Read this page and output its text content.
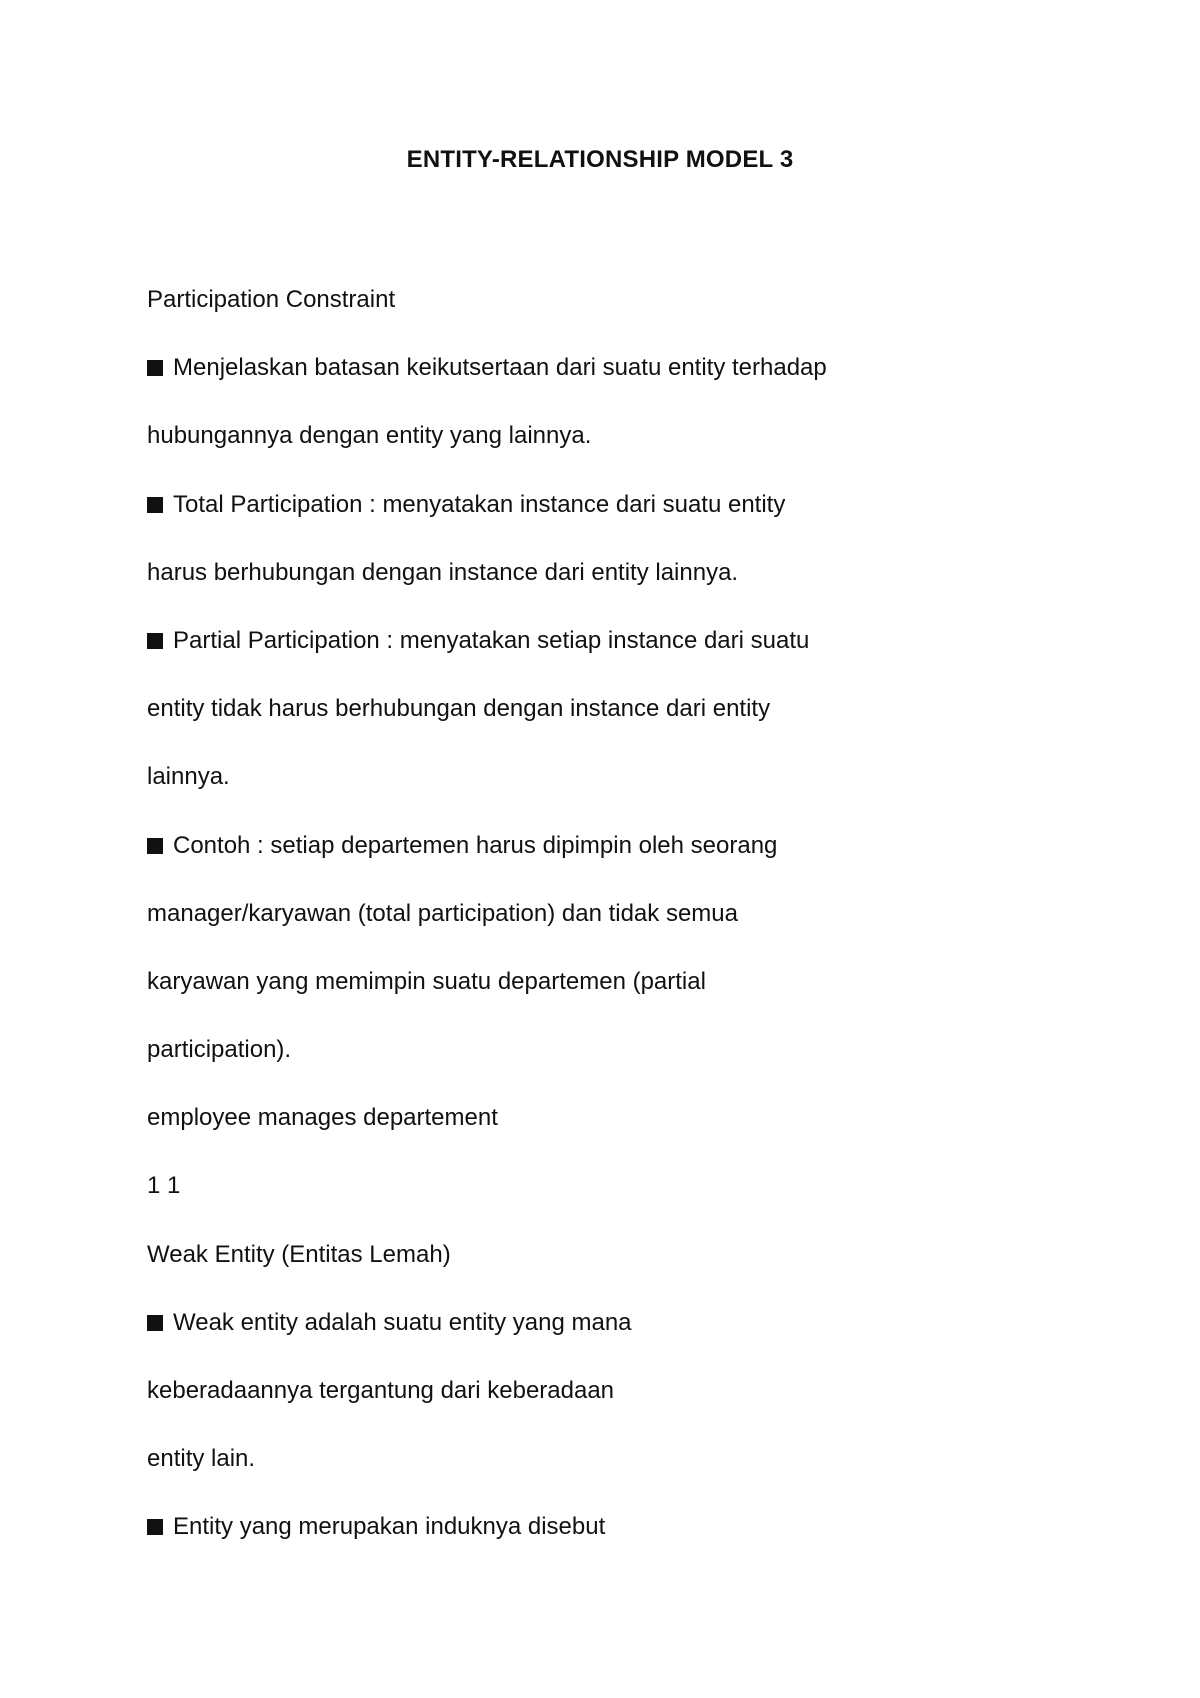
ENTITY-RELATIONSHIP MODEL 3
Participation Constraint
Menjelaskan batasan keikutsertaan dari suatu entity terhadap
hubungannya dengan entity yang lainnya.
Total Participation : menyatakan instance dari suatu entity
harus berhubungan dengan instance dari entity lainnya.
Partial Participation : menyatakan setiap instance dari suatu
entity tidak harus berhubungan dengan instance dari entity
lainnya.
Contoh : setiap departemen harus dipimpin oleh seorang
manager/karyawan (total participation) dan tidak semua
karyawan yang memimpin suatu departemen (partial
participation).
employee manages departement
1 1
Weak Entity (Entitas Lemah)
Weak entity adalah suatu entity yang mana
keberadaannya tergantung dari keberadaan
entity lain.
Entity yang merupakan induknya disebut
